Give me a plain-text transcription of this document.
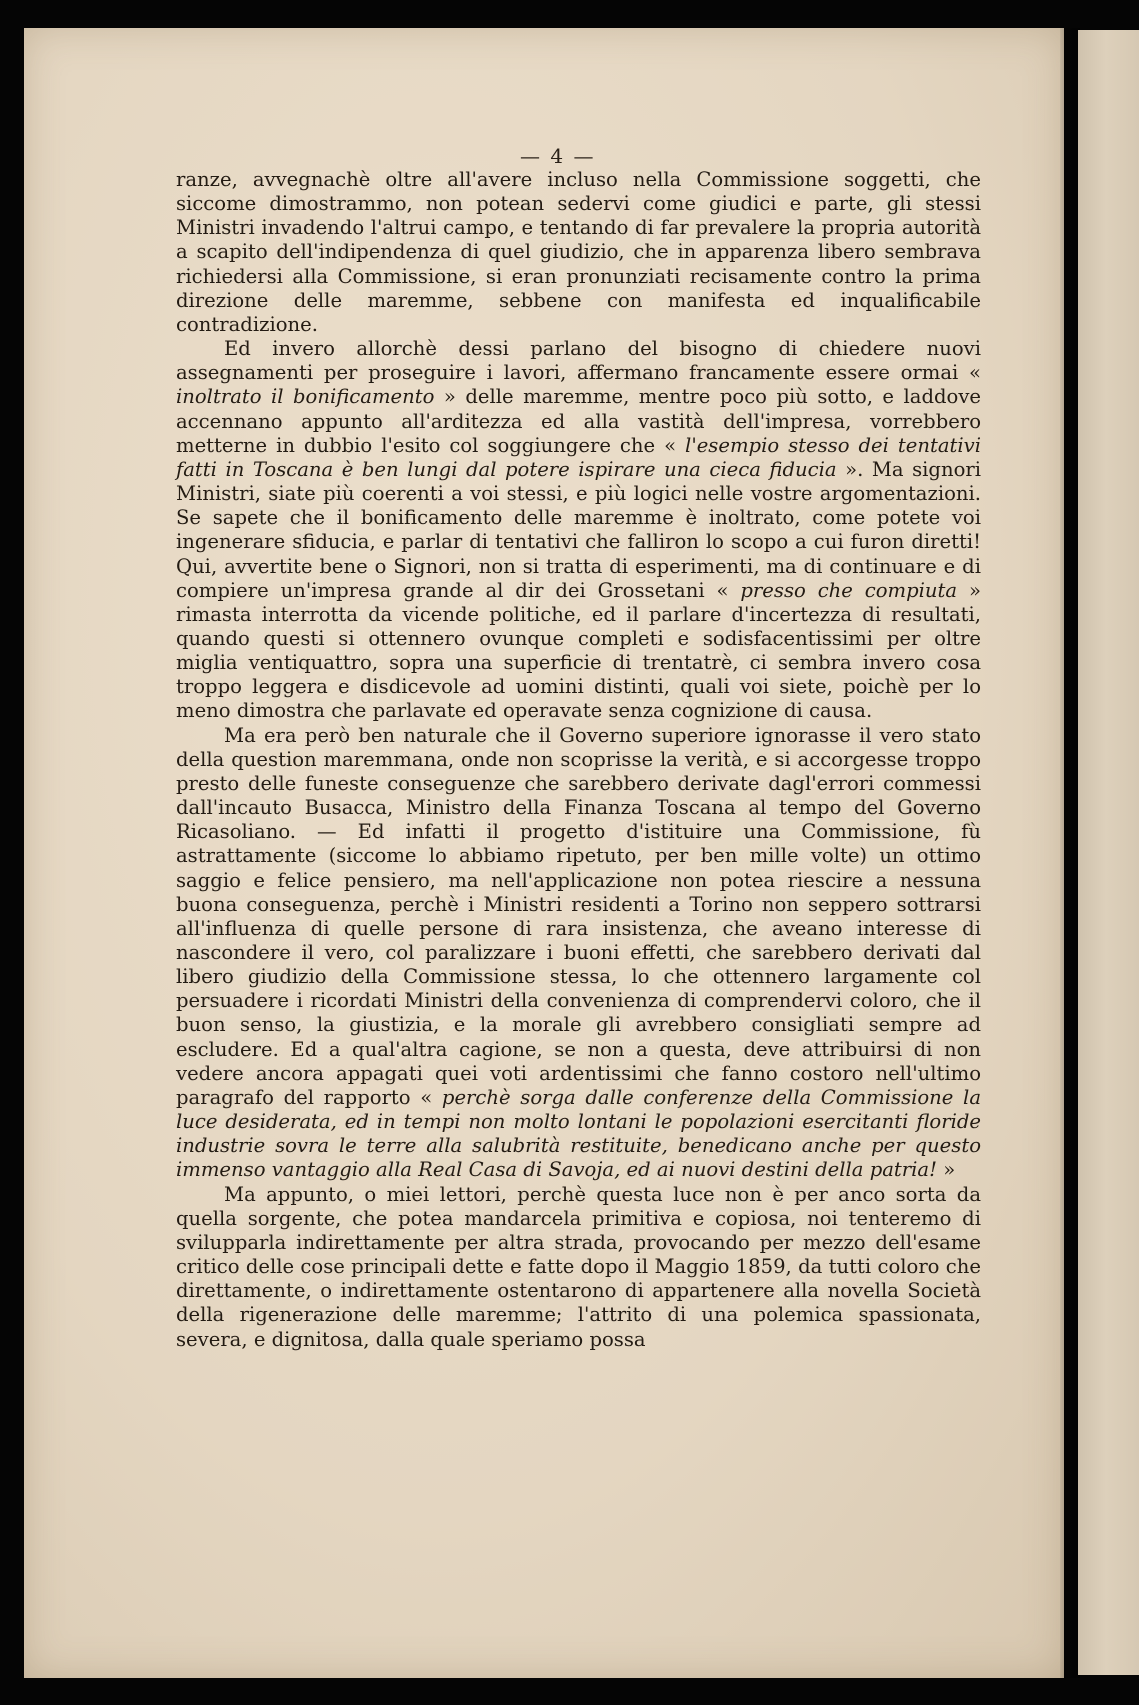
— 4 —

ranze, avvegnachè oltre all'avere incluso nella Commissione soggetti, che siccome dimostrammo, non potean sedervi come giudici e parte, gli stessi Ministri invadendo l'altrui campo, e tentando di far prevalere la propria autorità a scapito dell'indipendenza di quel giudizio, che in apparenza libero sembrava richiedersi alla Commissione, si eran pronunziati recisamente contro la prima direzione delle maremme, sebbene con manifesta ed inqualificabile contradizione.

Ed invero allorchè dessi parlano del bisogno di chiedere nuovi assegnamenti per proseguire i lavori, affermano francamente essere ormai « inoltrato il bonificamento » delle maremme, mentre poco più sotto, e laddove accennano appunto all'arditezza ed alla vastità dell'impresa, vorrebbero metterne in dubbio l'esito col soggiungere che « l'esempio stesso dei tentativi fatti in Toscana è ben lungi dal potere ispirare una cieca fiducia ». Ma signori Ministri, siate più coerenti a voi stessi, e più logici nelle vostre argomentazioni. Se sapete che il bonificamento delle maremme è inoltrato, come potete voi ingenerare sfiducia, e parlar di tentativi che falliron lo scopo a cui furon diretti! Qui, avvertite bene o Signori, non si tratta di esperimenti, ma di continuare e di compiere un'impresa grande al dir dei Grossetani « presso che compiuta » rimasta interrotta da vicende politiche, ed il parlare d'incertezza di resultati, quando questi si ottennero ovunque completi e sodisfacentissimi per oltre miglia ventiquattro, sopra una superficie di trentatrè, ci sembra invero cosa troppo leggera e disdicevole ad uomini distinti, quali voi siete, poichè per lo meno dimostra che parlavate ed operavate senza cognizione di causa.

Ma era però ben naturale che il Governo superiore ignorasse il vero stato della question maremmana, onde non scoprisse la verità, e si accorgesse troppo presto delle funeste conseguenze che sarebbero derivate dagl'errori commessi dall'incauto Busacca, Ministro della Finanza Toscana al tempo del Governo Ricasoliano. — Ed infatti il progetto d'istituire una Commissione, fù astrattamente (siccome lo abbiamo ripetuto, per ben mille volte) un ottimo saggio e felice pensiero, ma nell'applicazione non potea riescire a nessuna buona conseguenza, perchè i Ministri residenti a Torino non seppero sottrarsi all'influenza di quelle persone di rara insistenza, che aveano interesse di nascondere il vero, col paralizzare i buoni effetti, che sarebbero derivati dal libero giudizio della Commissione stessa, lo che ottennero largamente col persuadere i ricordati Ministri della convenienza di comprendervi coloro, che il buon senso, la giustizia, e la morale gli avrebbero consigliati sempre ad escludere. Ed a qual'altra cagione, se non a questa, deve attribuirsi di non vedere ancora appagati quei voti ardentissimi che fanno costoro nell'ultimo paragrafo del rapporto « perchè sorga dalle conferenze della Commissione la luce desiderata, ed in tempi non molto lontani le popolazioni esercitanti floride industrie sovra le terre alla salubrità restituite, benedicano anche per questo immenso vantaggio alla Real Casa di Savoja, ed ai nuovi destini della patria! »

Ma appunto, o miei lettori, perchè questa luce non è per anco sorta da quella sorgente, che potea mandarcela primitiva e copiosa, noi tenteremo di svilupparla indirettamente per altra strada, provocando per mezzo dell'esame critico delle cose principali dette e fatte dopo il Maggio 1859, da tutti coloro che direttamente, o indirettamente ostentarono di appartenere alla novella Società della rigenerazione delle maremme; l'attrito di una polemica spassionata, severa, e dignitosa, dalla quale speriamo possa
